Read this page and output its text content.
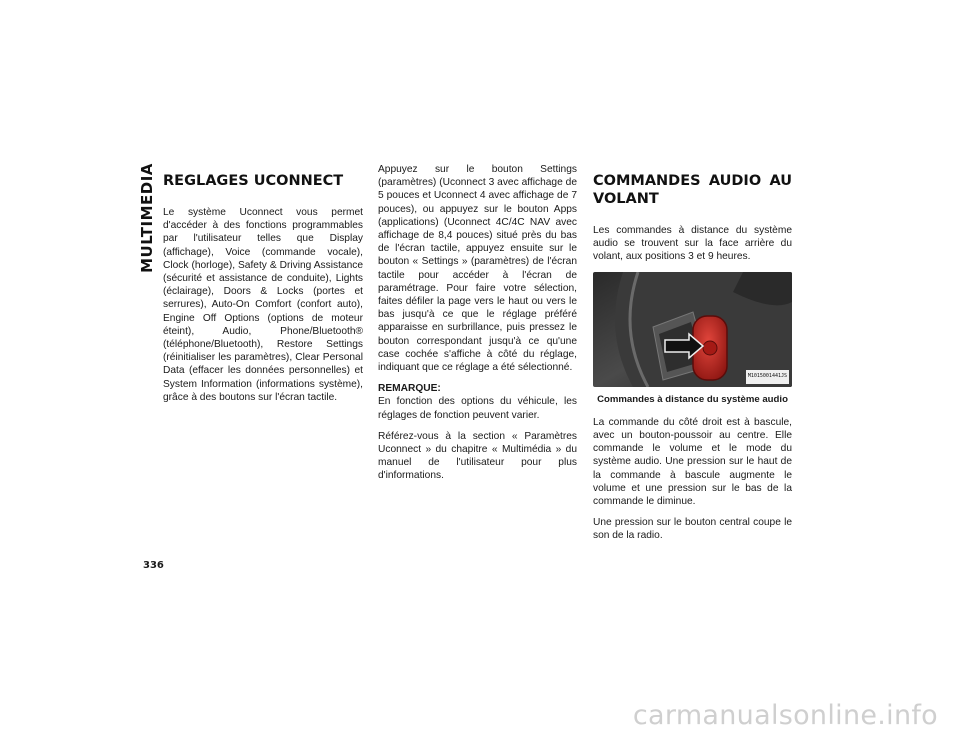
MULTIMEDIA REGLAGES UCONNECT

Le système Uconnect vous permet d'accéder à des fonctions programmables par l'utilisateur telles que Display (affichage), Voice (commande vocale), Clock (horloge), Safety & Driving Assistance (sécurité et assistance de conduite), Lights (éclairage), Doors & Locks (portes et serrures), Auto-On Comfort (confort auto), Engine Off Options (options de moteur éteint), Audio, Phone/Bluetooth® (téléphone/Bluetooth), Restore Settings (réinitialiser les paramètres), Clear Personal Data (effacer les données personnelles) et System Information (informations système), grâce à des boutons sur l'écran tactile.

Appuyez sur le bouton Settings (paramètres) (Uconnect 3 avec affichage de 5 pouces et Uconnect 4 avec affichage de 7 pouces), ou appuyez sur le bouton Apps (applications) (Uconnect 4C/4C NAV avec affichage de 8,4 pouces) situé près du bas de l'écran tactile, appuyez ensuite sur le bouton « Settings » (paramètres) de l'écran tactile pour accéder à l'écran de paramétrage. Pour faire votre sélection, faites défiler la page vers le haut ou vers le bas jusqu'à ce que le réglage préféré apparaisse en surbrillance, puis pressez le bouton correspondant jusqu'à ce qu'une case cochée s'affiche à côté du réglage, indiquant que ce réglage a été sélectionné.

REMARQUE:

En fonction des options du véhicule, les réglages de fonction peuvent varier.

Référez-vous à la section « Paramètres Uconnect » du chapitre « Multimédia » du manuel de l'utilisateur pour plus d'informations.

COMMANDES AUDIO AU VOLANT

Les commandes à distance du système audio se trouvent sur la face arrière du volant, aux positions 3 et 9 heures.

M1015001441JS

Commandes à distance du système audio

La commande du côté droit est à bascule, avec un bouton-poussoir au centre. Elle commande le volume et le mode du système audio. Une pression sur le haut de la commande à bascule augmente le volume et une pression sur le bas de la commande le diminue.

Une pression sur le bouton central coupe le son de la radio.

336
carmanualsonline.info
